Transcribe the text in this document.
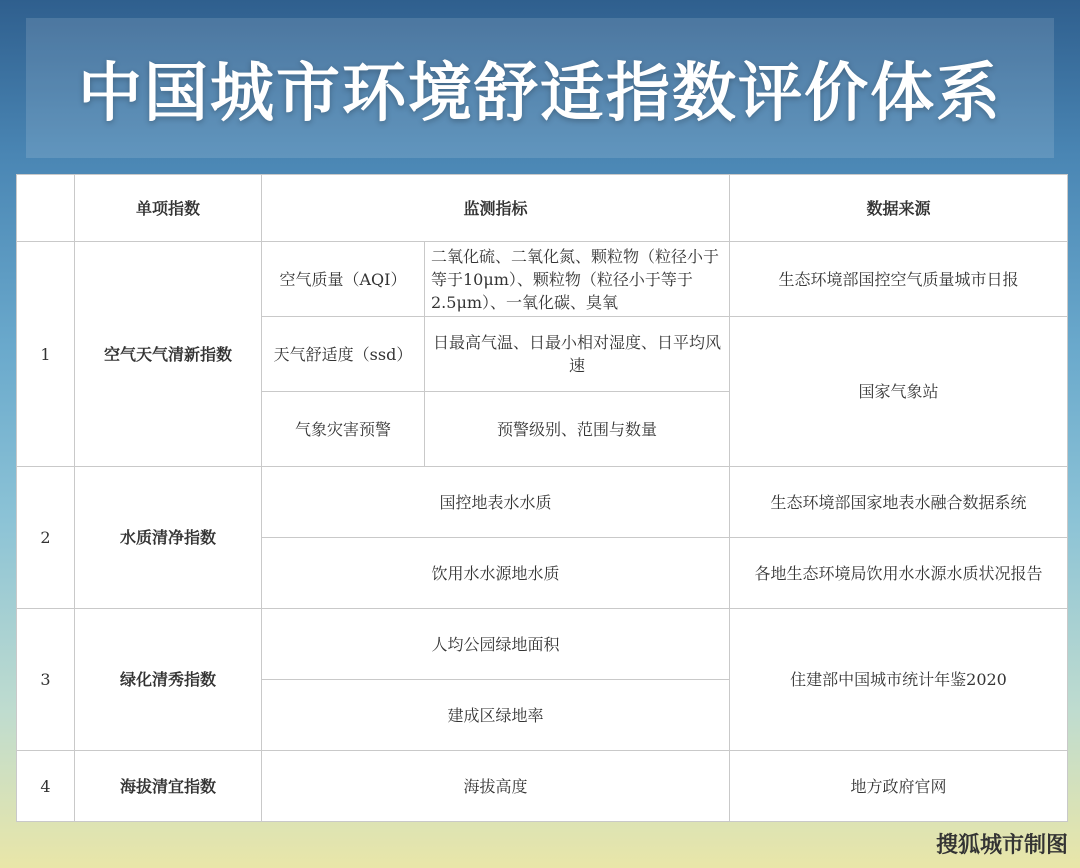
中国城市环境舒适指数评价体系
	单项指数	监测指标		数据来源
1	空气天气清新指数	空气质量（AQI）	二氧化硫、二氧化氮、颗粒物（粒径小于等于10μm）、颗粒物（粒径小于等于2.5μm）、一氧化碳、臭氧	生态环境部国控空气质量城市日报
		天气舒适度（ssd）	日最高气温、日最小相对湿度、日平均风速	国家气象站
		气象灾害预警	预警级别、范围与数量	
2	水质清净指数	国控地表水水质		生态环境部国家地表水融合数据系统
		饮用水水源地水质		各地生态环境局饮用水水源水质状况报告
3	绿化清秀指数	人均公园绿地面积		住建部中国城市统计年鉴2020
		建成区绿地率		
4	海拔清宜指数	海拔高度		地方政府官网
搜狐城市制图
